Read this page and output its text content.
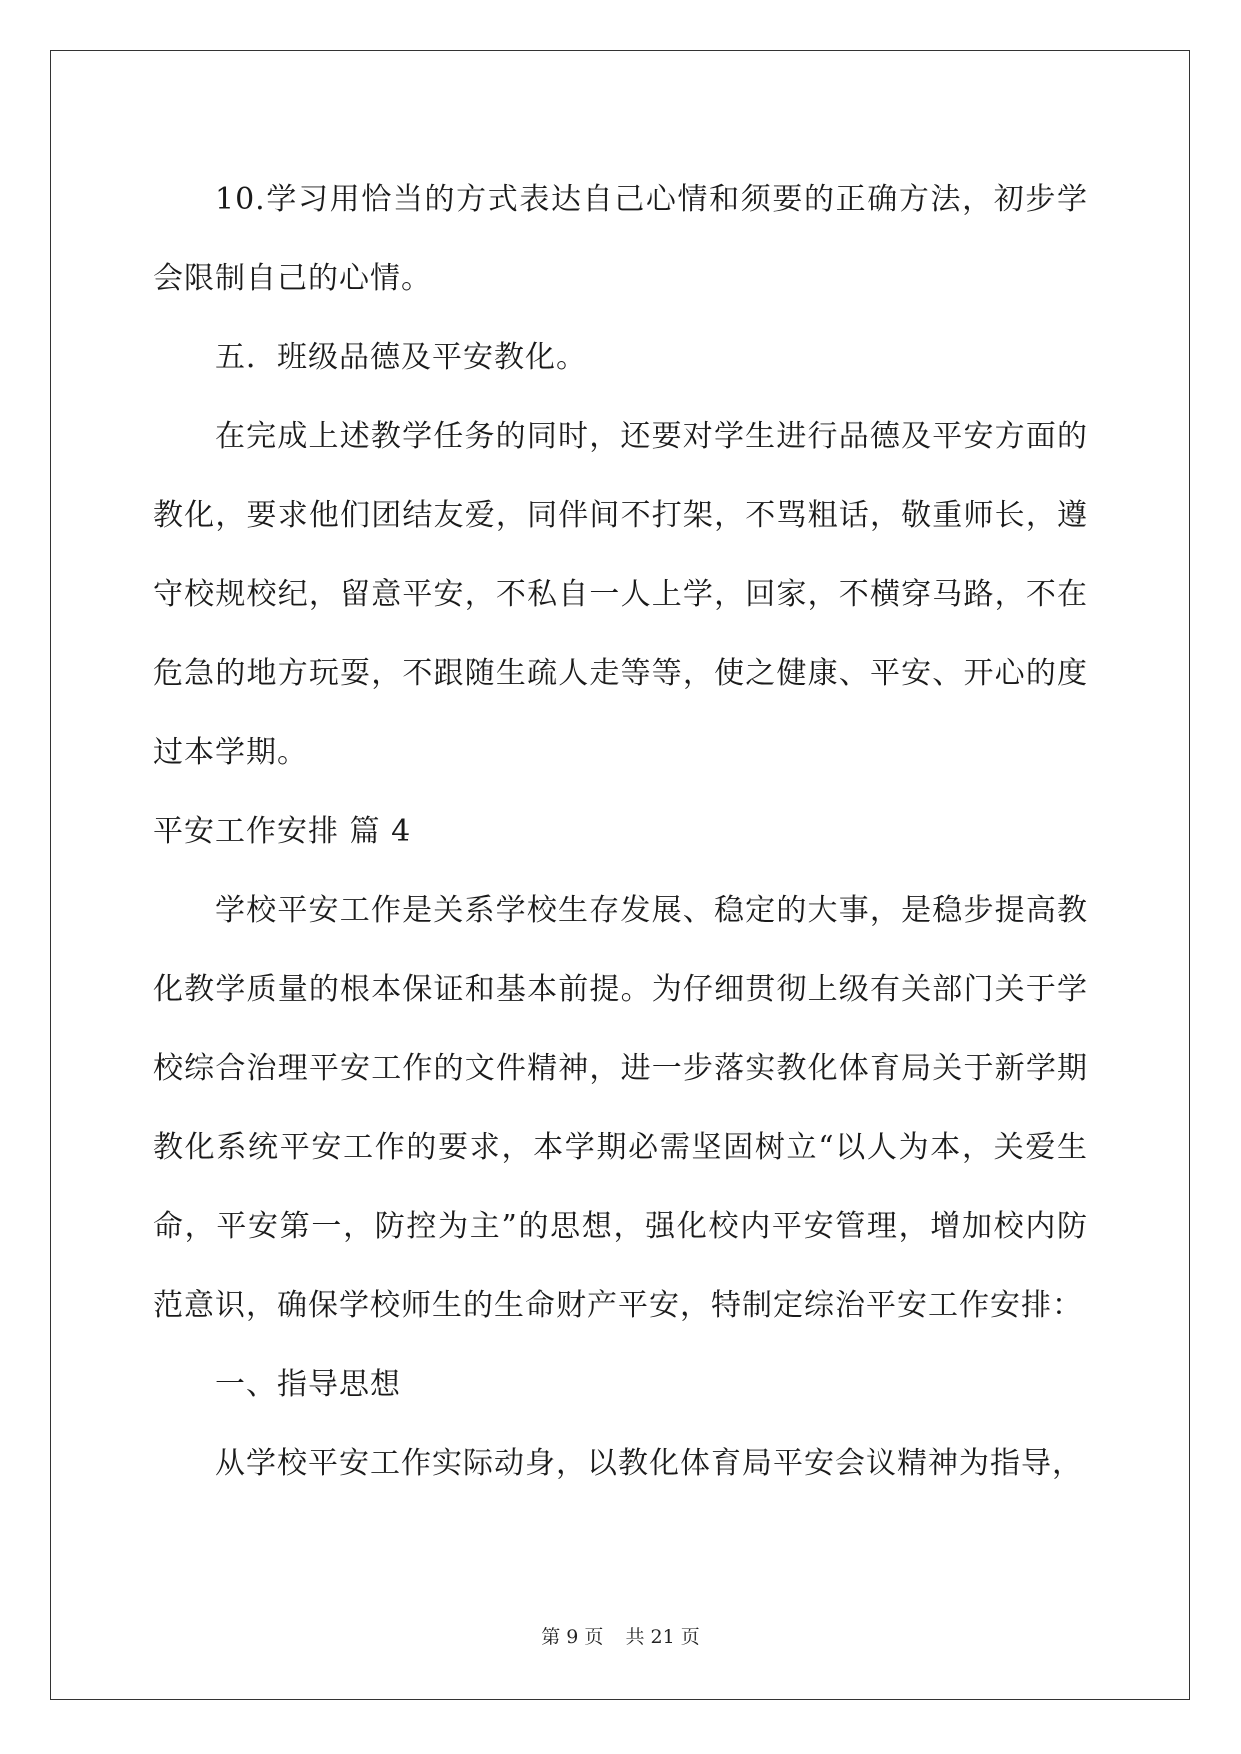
10.学习用恰当的方式表达自己心情和须要的正确方法，初步学会限制自己的心情。

五．班级品德及平安教化。

在完成上述教学任务的同时，还要对学生进行品德及平安方面的教化，要求他们团结友爱，同伴间不打架，不骂粗话，敬重师长，遵守校规校纪，留意平安，不私自一人上学，回家，不横穿马路，不在危急的地方玩耍，不跟随生疏人走等等，使之健康、平安、开心的度过本学期。

平安工作安排 篇 4

学校平安工作是关系学校生存发展、稳定的大事，是稳步提高教化教学质量的根本保证和基本前提。为仔细贯彻上级有关部门关于学校综合治理平安工作的文件精神，进一步落实教化体育局关于新学期教化系统平安工作的要求，本学期必需坚固树立“以人为本，关爱生命，平安第一，防控为主”的思想，强化校内平安管理，增加校内防范意识，确保学校师生的生命财产平安，特制定综治平安工作安排：

一、指导思想

从学校平安工作实际动身，以教化体育局平安会议精神为指导，

第 9 页 共 21 页
